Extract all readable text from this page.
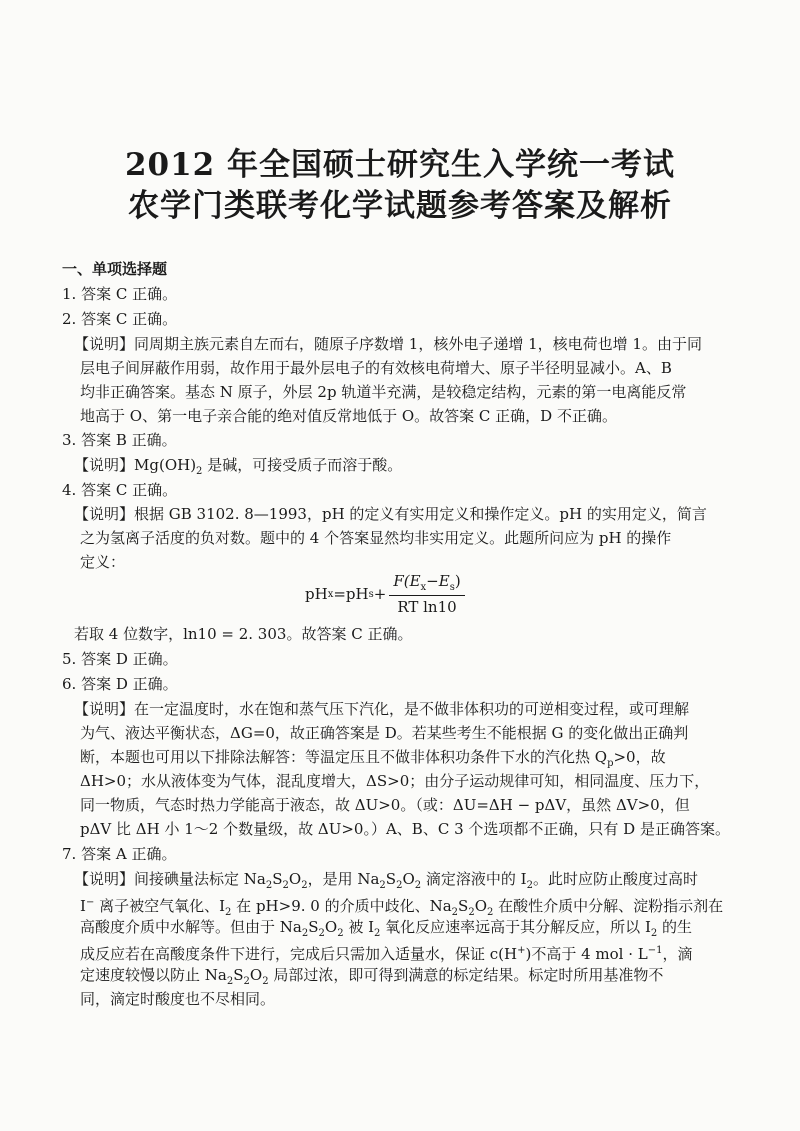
2012 年全国硕士研究生入学统一考试
农学门类联考化学试题参考答案及解析
一、单项选择题
1. 答案 C 正确。
2. 答案 C 正确。
【说明】同周期主族元素自左而右，随原子序数增 1，核外电子递增 1，核电荷也增 1。由于同
层电子间屏蔽作用弱，故作用于最外层电子的有效核电荷增大、原子半径明显减小。A、B
均非正确答案。基态 N 原子，外层 2p 轨道半充满，是较稳定结构，元素的第一电离能反常
地高于 O、第一电子亲合能的绝对值反常地低于 O。故答案 C 正确，D 不正确。
3. 答案 B 正确。
【说明】$Mg(OH)_2$ 是碱，可接受质子而溶于酸。
4. 答案 C 正确。
【说明】根据 GB 3102. 8—1993，pH 的定义有实用定义和操作定义。pH 的实用定义，简言
之为氢离子活度的负对数。题中的 4 个答案显然均非实用定义。此题所问应为 pH 的操作
定义：
pH x =pH $s + \frac{F(E_x-E_s)}{\text{RT ln10}}$
若取 4 位数字，ln10 = 2. 303。故答案 C 正确。
5. 答案 D 正确。
6. 答案 D 正确。
【说明】在一定温度时，水在饱和蒸气压下汽化，是不做非体积功的可逆相变过程，或可理解
为气、液达平衡状态，ΔG=0，故正确答案是 D。若某些考生不能根据 G 的变化做出正确判
断，本题也可用以下排除法解答：等温定压且不做非体积功条件下水的汽化热 $Q_p>0$，故
ΔH>0；水从液体变为气体，混乱度增大，ΔS>0；由分子运动规律可知，相同温度、压力下，
同一物质，气态时热力学能高于液态，故 ΔU>0。（或：ΔU=ΔH − pΔV，虽然 ΔV>0，但
pΔV 比 ΔH 小 1～2 个数量级，故 ΔU>0。）A、B、C 3 个选项都不正确，只有 D 是正确答案。
7. 答案 A 正确。
【说明】间接碘量法标定 $Na_2S_2O_2$，是用 $Na_2S_2O_2$ 滴定溶液中的 $I_2$。此时应防止酸度过高时
I− 离子被空气氧化、$I_2$ 在 pH>9. 0 的介质中歧化、$Na_2S_2O_2$ 在酸性介质中分解、淀粉指示剂在
高酸度介质中水解等。但由于 $Na_2S_2O_2$ 被 $I_2$ 氧化反应速率远高于其分解反应，所以 $I_2$ 的生
成反应若在高酸度条件下进行，完成后只需加入适量水，保证 c(H+)不高于 4 mol · $L^{-1}$，滴
定速度较慢以防止 $Na_2S_2O_2$ 局部过浓，即可得到满意的标定结果。标定时所用基准物不
同，滴定时酸度也不尽相同。
